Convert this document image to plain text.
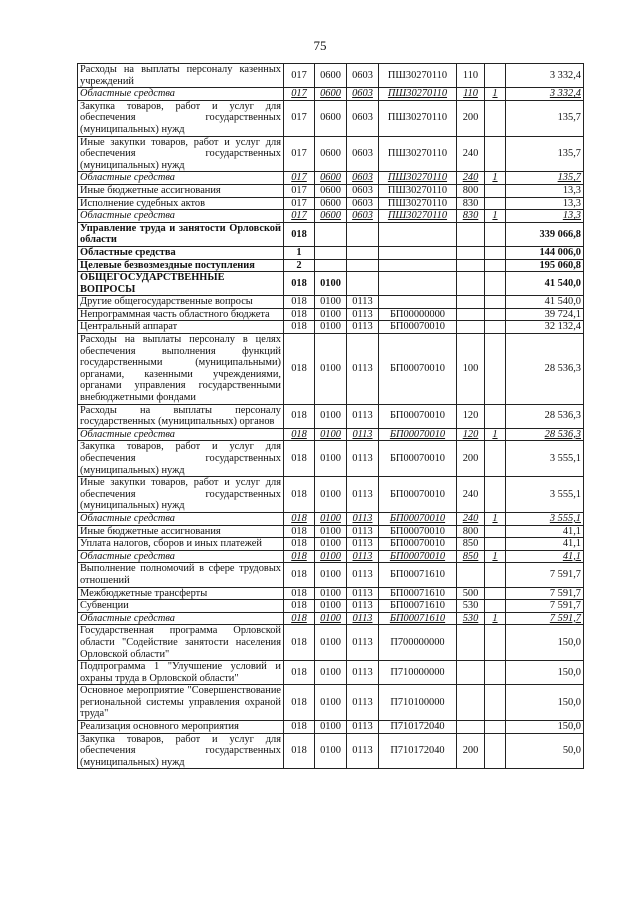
75
Расходы на выплаты персоналу казенных учреждений	017	0600	0603	ПШ30270110	110		3 332,4
Областные средства	017	0600	0603	ПШ30270110	110	1	3 332,4
Закупка товаров, работ и услуг для обеспечения государственных (муниципальных) нужд	017	0600	0603	ПШ30270110	200		135,7
Иные закупки товаров, работ и услуг для обеспечения государственных (муниципальных) нужд	017	0600	0603	ПШ30270110	240		135,7
Областные средства	017	0600	0603	ПШ30270110	240	1	135,7
Иные бюджетные ассигнования	017	0600	0603	ПШ30270110	800		13,3
Исполнение судебных актов	017	0600	0603	ПШ30270110	830		13,3
Областные средства	017	0600	0603	ПШ30270110	830	1	13,3
Управление труда и занятости Орловской области	018						339 066,8
Областные средства	1						144 006,0
Целевые безвозмездные поступления	2						195 060,8
ОБЩЕГОСУДАРСТВЕННЫЕ ВОПРОСЫ	018	0100					41 540,0
Другие общегосударственные вопросы	018	0100	0113				41 540,0
Непрограммная часть областного бюджета	018	0100	0113	БП00000000			39 724,1
Центральный аппарат	018	0100	0113	БП00070010			32 132,4
Расходы на выплаты персоналу в целях обеспечения выполнения функций государственными (муниципальными) органами, казенными учреждениями, органами управления государственными внебюджетными фондами	018	0100	0113	БП00070010	100		28 536,3
Расходы на выплаты персоналу государственных (муниципальных) органов	018	0100	0113	БП00070010	120		28 536,3
Областные средства	018	0100	0113	БП00070010	120	1	28 536,3
Закупка товаров, работ и услуг для обеспечения государственных (муниципальных) нужд	018	0100	0113	БП00070010	200		3 555,1
Иные закупки товаров, работ и услуг для обеспечения государственных (муниципальных) нужд	018	0100	0113	БП00070010	240		3 555,1
Областные средства	018	0100	0113	БП00070010	240	1	3 555,1
Иные бюджетные ассигнования	018	0100	0113	БП00070010	800		41,1
Уплата налогов, сборов и иных платежей	018	0100	0113	БП00070010	850		41,1
Областные средства	018	0100	0113	БП00070010	850	1	41,1
Выполнение полномочий в сфере трудовых отношений	018	0100	0113	БП00071610			7 591,7
Межбюджетные трансферты	018	0100	0113	БП00071610	500		7 591,7
Субвенции	018	0100	0113	БП00071610	530		7 591,7
Областные средства	018	0100	0113	БП00071610	530	1	7 591,7
Государственная программа Орловской области "Содействие занятости населения Орловской области"	018	0100	0113	П700000000			150,0
Подпрограмма 1 "Улучшение условий и охраны труда в Орловской области"	018	0100	0113	П710000000			150,0
Основное мероприятие "Совершенствование региональной системы управления охраной труда"	018	0100	0113	П710100000			150,0
Реализация основного мероприятия	018	0100	0113	П710172040			150,0
Закупка товаров, работ и услуг для обеспечения государственных (муниципальных) нужд	018	0100	0113	П710172040	200		50,0
